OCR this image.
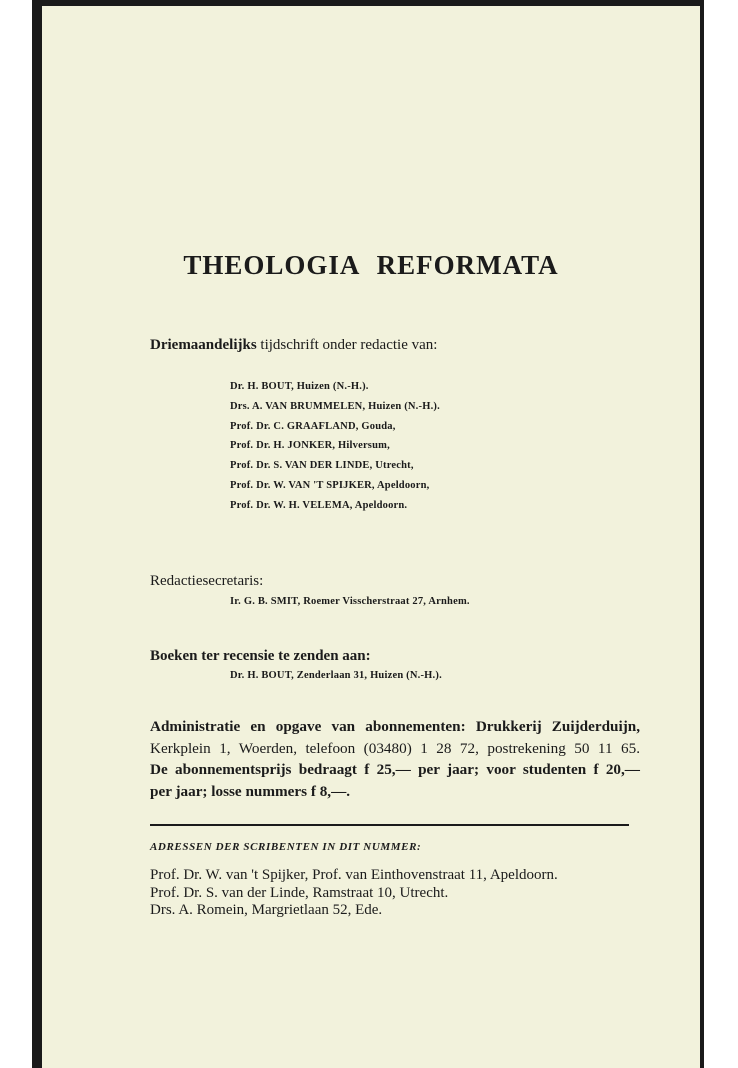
THEOLOGIA REFORMATA
Driemaandelijks tijdschrift onder redactie van:
Dr. H. BOUT, Huizen (N.-H.).
Drs. A. VAN BRUMMELEN, Huizen (N.-H.).
Prof. Dr. C. GRAAFLAND, Gouda,
Prof. Dr. H. JONKER, Hilversum,
Prof. Dr. S. VAN DER LINDE, Utrecht,
Prof. Dr. W. VAN 'T SPIJKER, Apeldoorn,
Prof. Dr. W. H. VELEMA, Apeldoorn.
Redactiesecretaris:
Ir. G. B. SMIT, Roemer Visscherstraat 27, Arnhem.
Boeken ter recensie te zenden aan:
Dr. H. BOUT, Zenderlaan 31, Huizen (N.-H.).
Administratie en opgave van abonnementen: Drukkerij Zuijderduijn,
Kerkplein 1, Woerden, telefoon (03480) 1 28 72, postrekening 50 11 65.
De abonnementsprijs bedraagt f 25,— per jaar; voor studenten f 20,—
per jaar; losse nummers f 8,—.
ADRESSEN DER SCRIBENTEN IN DIT NUMMER:
Prof. Dr. W. van 't Spijker, Prof. van Einthovenstraat 11, Apeldoorn.
Prof. Dr. S. van der Linde, Ramstraat 10, Utrecht.
Drs. A. Romein, Margrietlaan 52, Ede.
